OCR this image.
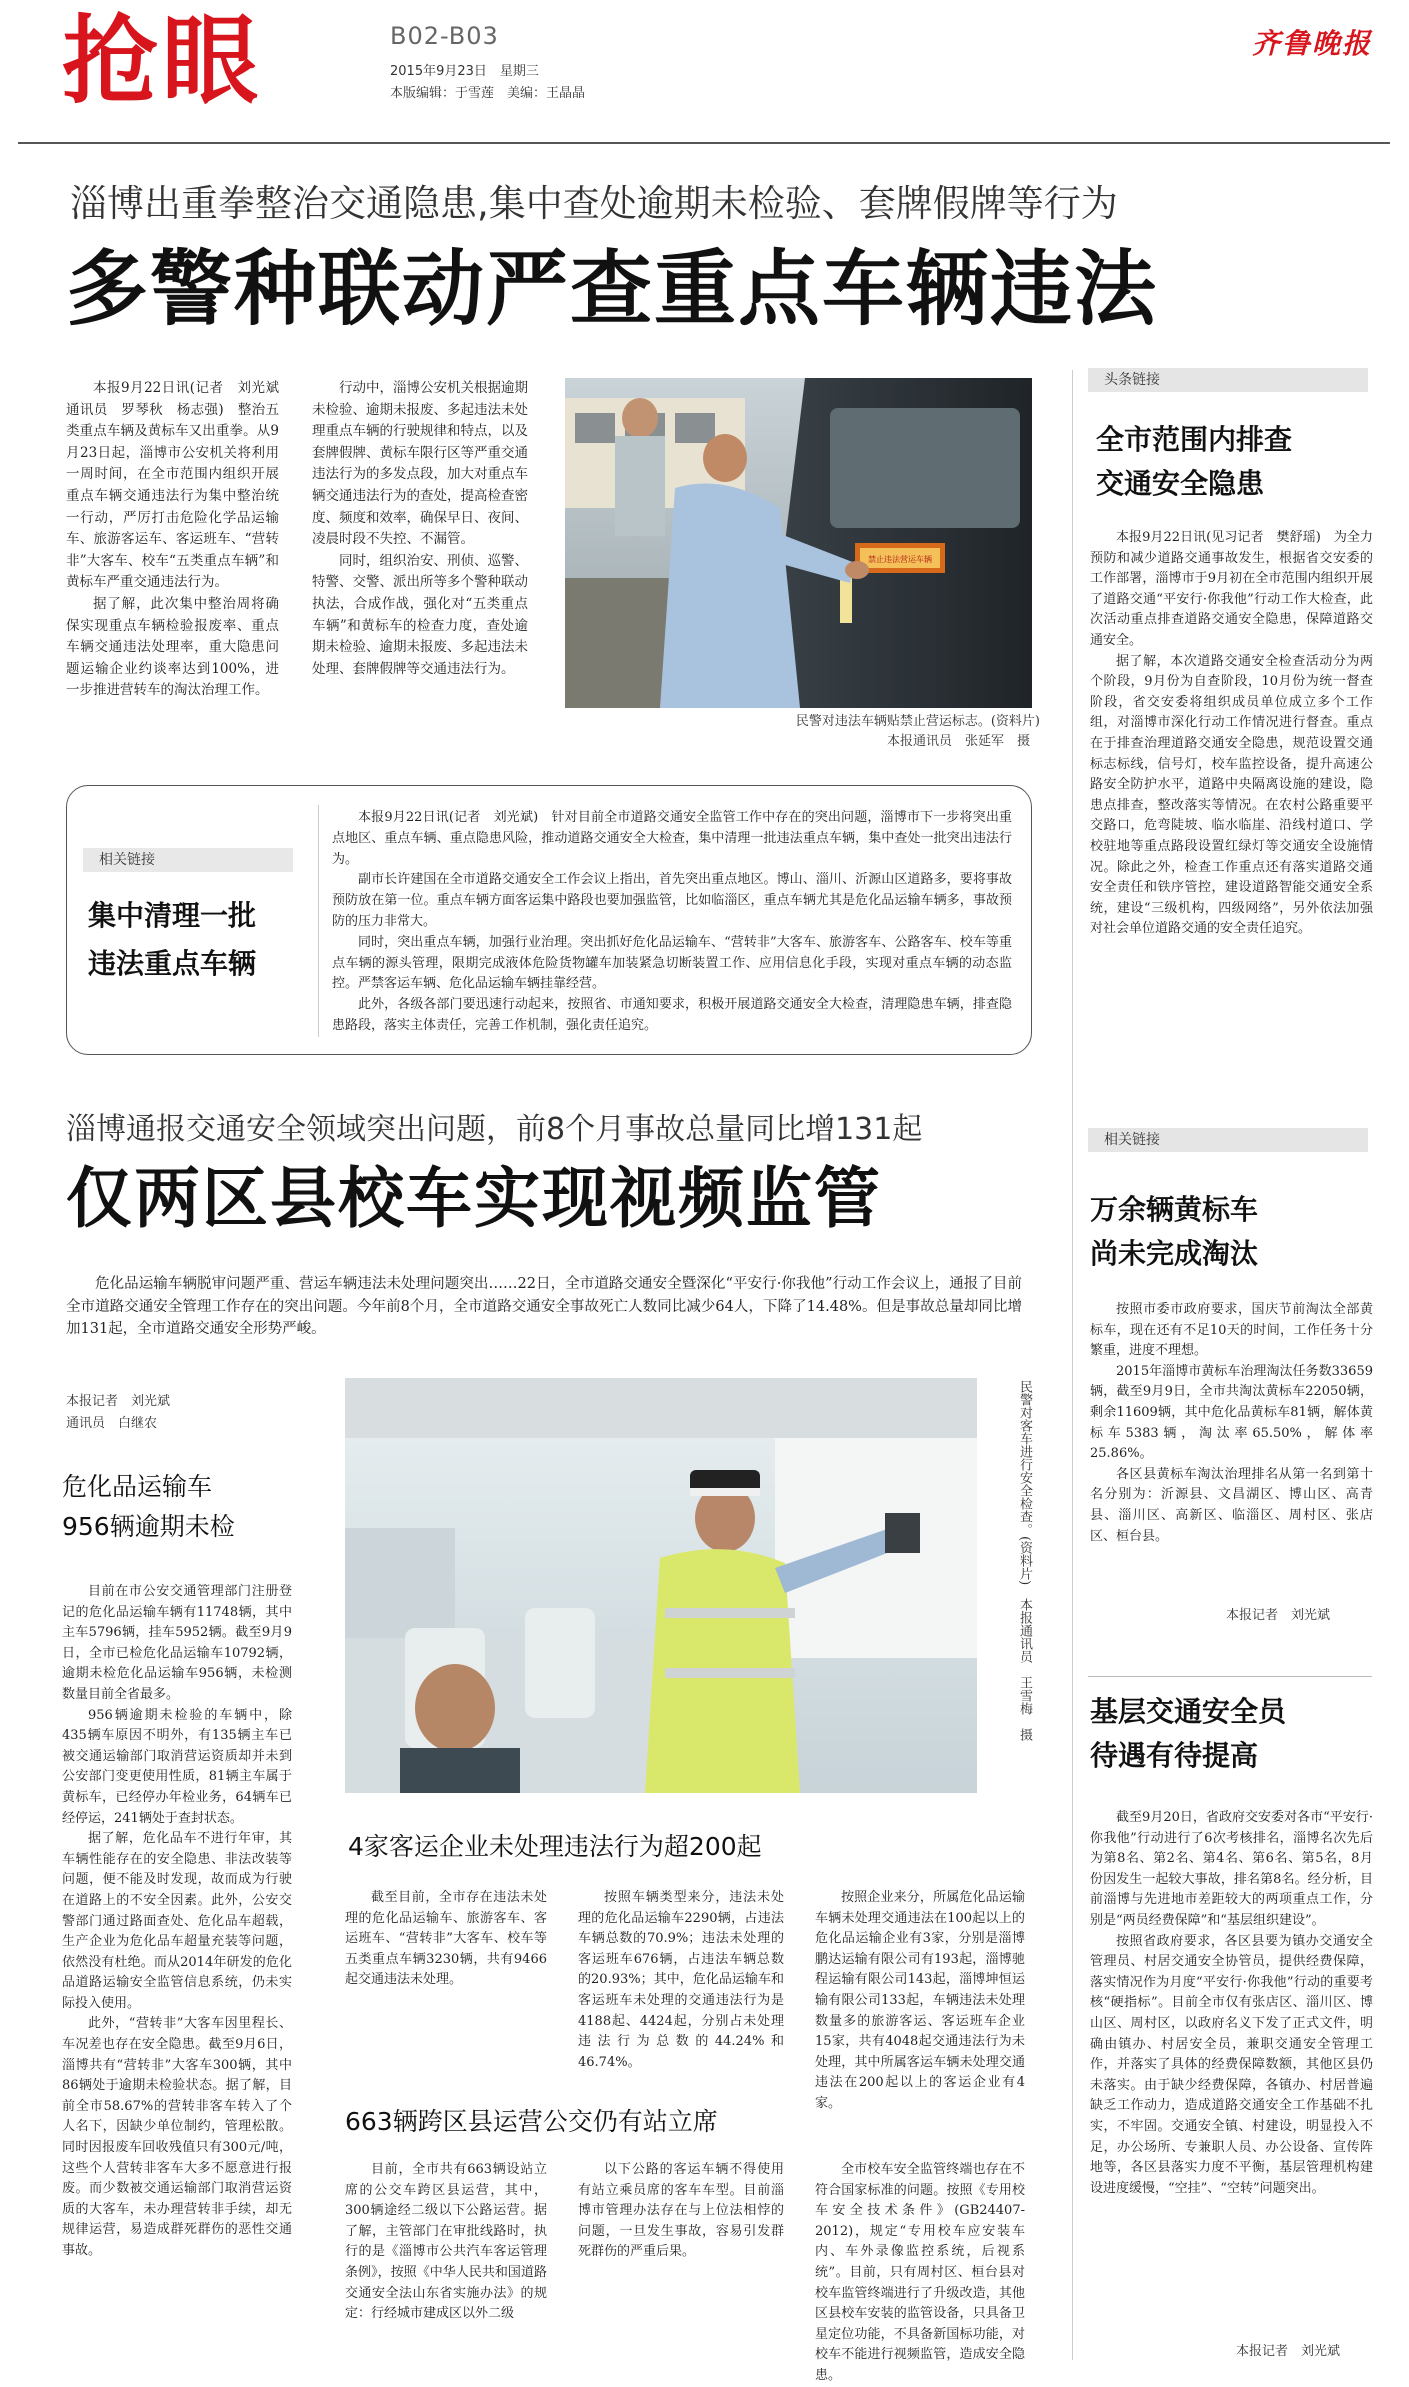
抢眼	B02-B03
2015年9月23日　星期三
本版编辑：于雪莲　美编：王晶晶
齐鲁晚报
淄博出重拳整治交通隐患,集中查处逾期未检验、套牌假牌等行为
多警种联动严查重点车辆违法

本报9月22日讯(记者　刘光斌　通讯员　罗琴秋　杨志强)　整治五类重点车辆及黄标车又出重拳。从9月23日起，淄博市公安机关将利用一周时间，在全市范围内组织开展重点车辆交通违法行为集中整治统一行动，严厉打击危险化学品运输车、旅游客运车、客运班车、“营转非”大客车、校车“五类重点车辆”和黄标车严重交通违法行为。

据了解，此次集中整治周将确保实现重点车辆检验报废率、重点车辆交通违法处理率，重大隐患问题运输企业约谈率达到100%，进一步推进营转车的淘汰治理工作。

行动中，淄博公安机关根据逾期未检验、逾期未报废、多起违法未处理重点车辆的行驶规律和特点，以及套牌假牌、黄标车限行区等严重交通违法行为的多发点段，加大对重点车辆交通违法行为的查处，提高检查密度、频度和效率，确保早日、夜间、凌晨时段不失控、不漏管。

同时，组织治安、刑侦、巡警、特警、交警、派出所等多个警种联动执法，合成作战，强化对“五类重点车辆”和黄标车的检查力度，查处逾期未检验、逾期未报废、多起违法未处理、套牌假牌等交通违法行为。

禁止违法营运车辆
民警对违法车辆贴禁止营运标志。(资料片)
本报通讯员　张延军　摄
相关链接
集中清理一批
违法重点车辆

本报9月22日讯(记者　刘光斌)　针对目前全市道路交通安全监管工作中存在的突出问题，淄博市下一步将突出重点地区、重点车辆、重点隐患风险，推动道路交通安全大检查，集中清理一批违法重点车辆，集中查处一批突出违法行为。

副市长许建国在全市道路交通安全工作会议上指出，首先突出重点地区。博山、淄川、沂源山区道路多，要将事故预防放在第一位。重点车辆方面客运集中路段也要加强监管，比如临淄区，重点车辆尤其是危化品运输车辆多，事故预防的压力非常大。

同时，突出重点车辆，加强行业治理。突出抓好危化品运输车、“营转非”大客车、旅游客车、公路客车、校车等重点车辆的源头管理，限期完成液体危险货物罐车加装紧急切断装置工作、应用信息化手段，实现对重点车辆的动态监控。严禁客运车辆、危化品运输车辆挂靠经营。

此外，各级各部门要迅速行动起来，按照省、市通知要求，积极开展道路交通安全大检查，清理隐患车辆，排查隐患路段，落实主体责任，完善工作机制，强化责任追究。

淄博通报交通安全领域突出问题，前8个月事故总量同比增131起
仅两区县校车实现视频监管

危化品运输车辆脱审问题严重、营运车辆违法未处理问题突出……22日，全市道路交通安全暨深化“平安行·你我他”行动工作会议上，通报了目前全市道路交通安全管理工作存在的突出问题。今年前8个月，全市道路交通安全事故死亡人数同比减少64人，下降了14.48%。但是事故总量却同比增加131起，全市道路交通安全形势严峻。

本报记者　刘光斌
通讯员　白继农
危化品运输车
956辆逾期未检

目前在市公安交通管理部门注册登记的危化品运输车辆有11748辆，其中主车5796辆，挂车5952辆。截至9月9日，全市已检危化品运输车10792辆，逾期未检危化品运输车956辆，未检测数量目前全省最多。

956辆逾期未检验的车辆中，除435辆车原因不明外，有135辆主车已被交通运输部门取消营运资质却并未到公安部门变更使用性质，81辆主车属于黄标车，已经停办年检业务，64辆车已经停运，241辆处于查封状态。

据了解，危化品车不进行年审，其车辆性能存在的安全隐患、非法改装等问题，便不能及时发现，故而成为行驶在道路上的不安全因素。此外，公安交警部门通过路面查处、危化品车超载，生产企业为危化品车超量充装等问题，依然没有杜绝。而从2014年研发的危化品道路运输安全监管信息系统，仍未实际投入使用。

此外，“营转非”大客车因里程长、车况差也存在安全隐患。截至9月6日，淄博共有“营转非”大客车300辆，其中86辆处于逾期未检验状态。据了解，目前全市58.67%的营转非客车转入了个人名下，因缺少单位制约，管理松散。同时因报废车回收残值只有300元/吨，这些个人营转非客车大多不愿意进行报废。而少数被交通运输部门取消营运资质的大客车，未办理营转非手续，却无规律运营，易造成群死群伤的恶性交通事故。

民警对客车进行安全检查。(资料片)　本报通讯员　王雪梅　摄
4家客运企业未处理违法行为超200起

截至目前，全市存在违法未处理的危化品运输车、旅游客车、客运班车、“营转非”大客车、校车等五类重点车辆3230辆，共有9466起交通违法未处理。

按照车辆类型来分，违法未处理的危化品运输车2290辆，占违法车辆总数的70.9%；违法未处理的客运班车676辆，占违法车辆总数的20.93%；其中，危化品运输车和客运班车未处理的交通违法行为是4188起、4424起，分别占未处理违法行为总数的44.24%和46.74%。

按照企业来分，所属危化品运输车辆未处理交通违法在100起以上的危化品运输企业有3家，分别是淄博鹏达运输有限公司有193起，淄博驰程运输有限公司143起，淄博坤恒运输有限公司133起，车辆违法未处理数量多的旅游客运、客运班车企业15家，共有4048起交通违法行为未处理，其中所属客运车辆未处理交通违法在200起以上的客运企业有4家。

663辆跨区县运营公交仍有站立席

目前，全市共有663辆设站立席的公交车跨区县运营，其中，300辆途经二级以下公路运营。据了解，主管部门在审批线路时，执行的是《淄博市公共汽车客运管理条例》，按照《中华人民共和国道路交通安全法山东省实施办法》的规定：行经城市建成区以外二级

以下公路的客运车辆不得使用有站立乘员席的客车车型。目前淄博市管理办法存在与上位法相悖的问题，一旦发生事故，容易引发群死群伤的严重后果。

全市校车安全监管终端也存在不符合国家标准的问题。按照《专用校车安全技术条件》(GB24407-2012)，规定“专用校车应安装车内、车外录像监控系统，后视系统”。目前，只有周村区、桓台县对校车监管终端进行了升级改造，其他区县校车安装的监管设备，只具备卫星定位功能，不具备新国标功能，对校车不能进行视频监管，造成安全隐患。

头条链接
全市范围内排查
交通安全隐患

本报9月22日讯(见习记者　樊舒瑶)　为全力预防和减少道路交通事故发生，根据省交安委的工作部署，淄博市于9月初在全市范围内组织开展了道路交通“平安行·你我他”行动工作大检查，此次活动重点排查道路交通安全隐患，保障道路交通安全。

据了解，本次道路交通安全检查活动分为两个阶段，9月份为自查阶段，10月份为统一督查阶段，省交安委将组织成员单位成立多个工作组，对淄博市深化行动工作情况进行督查。重点在于排查治理道路交通安全隐患，规范设置交通标志标线，信号灯，校车监控设备，提升高速公路安全防护水平，道路中央隔离设施的建设，隐患点排查，整改落实等情况。在农村公路重要平交路口，危弯陡坡、临水临崖、沿线村道口、学校驻地等重点路段设置红绿灯等交通安全设施情况。除此之外，检查工作重点还有落实道路交通安全责任和铁序管控，建设道路智能交通安全系统，建设“三级机构，四级网络”，另外依法加强对社会单位道路交通的安全责任追究。

相关链接
万余辆黄标车
尚未完成淘汰

按照市委市政府要求，国庆节前淘汰全部黄标车，现在还有不足10天的时间，工作任务十分繁重，进度不理想。

2015年淄博市黄标车治理淘汰任务数33659辆，截至9月9日，全市共淘汰黄标车22050辆，剩余11609辆，其中危化品黄标车81辆，解体黄标车5383辆，淘汰率65.50%，解体率25.86%。

各区县黄标车淘汰治理排名从第一名到第十名分别为：沂源县、文昌湖区、博山区、高青县、淄川区、高新区、临淄区、周村区、张店区、桓台县。

本报记者　刘光斌
基层交通安全员
待遇有待提高

截至9月20日，省政府交安委对各市“平安行·你我他”行动进行了6次考核排名，淄博名次先后为第8名、第2名、第4名、第6名、第5名，8月份因发生一起较大事故，排名第8名。经分析，目前淄博与先进地市差距较大的两项重点工作，分别是“两员经费保障”和“基层组织建设”。

按照省政府要求，各区县要为镇办交通安全管理员、村居交通安全协管员，提供经费保障，落实情况作为月度“平安行·你我他”行动的重要考核“硬指标”。目前全市仅有张店区、淄川区、博山区、周村区，以政府名义下发了正式文件，明确由镇办、村居安全员，兼职交通安全管理工作，并落实了具体的经费保障数额，其他区县仍未落实。由于缺少经费保障，各镇办、村居普遍缺乏工作动力，造成道路交通安全工作基础不扎实，不牢固。交通安全镇、村建设，明显投入不足，办公场所、专兼职人员、办公设备、宣传阵地等，各区县落实力度不平衡，基层管理机构建设进度缓慢，“空挂”、“空转”问题突出。

本报记者　刘光斌
